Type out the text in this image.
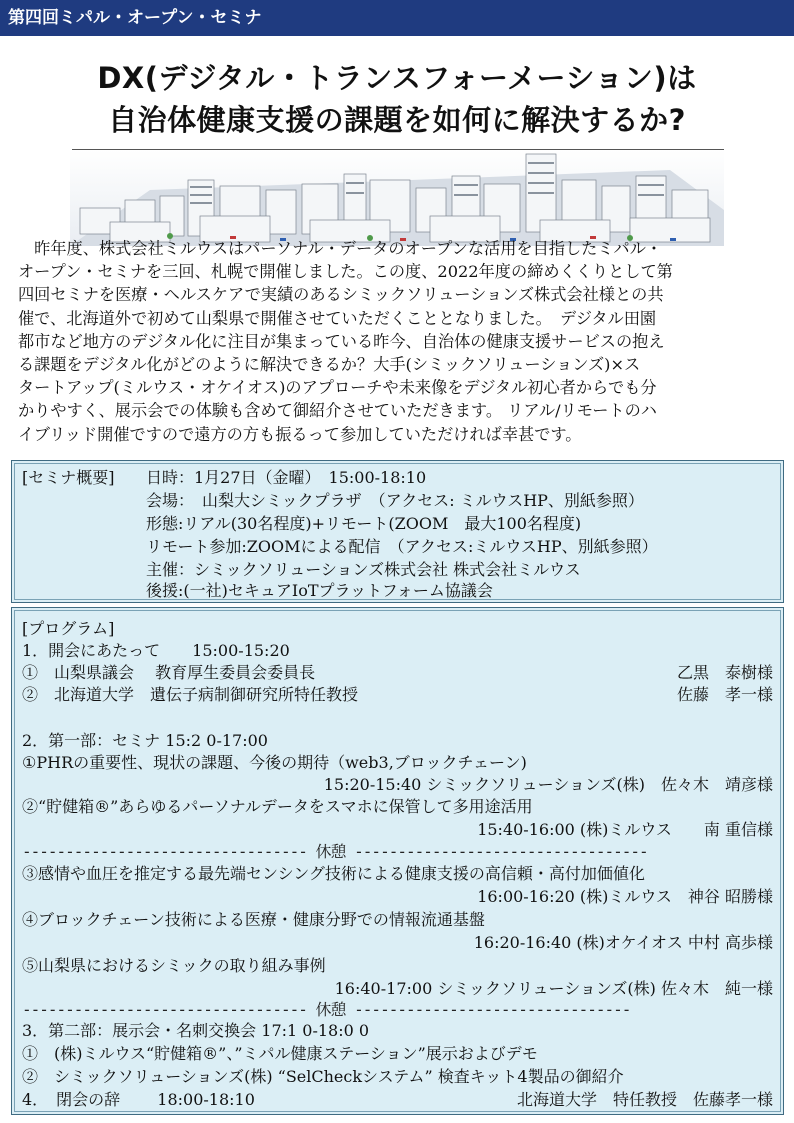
第四回ミパル・オープン・セミナ
DX(デジタル・トランスフォーメーション)は
自治体健康支援の課題を如何に解決するか?
　昨年度、株式会社ミルウスはパーソナル・データのオープンな活用を目指したミパル・
オープン・セミナを三回、札幌で開催しました。この度、2022年度の締めくくりとして第
四回セミナを医療・ヘルスケアで実績のあるシミックソリューションズ株式会社様との共
催で、北海道外で初めて山梨県で開催させていただくこととなりました。　デジタル田園
都市など地方のデジタル化に注目が集まっている昨今、自治体の健康支援サービスの抱え
る課題をデジタル化がどのように解決できるか？大手(シミックソリューションズ)×ス
タートアップ(ミルウス・オケイオス)のアプローチや未来像をデジタル初心者からでも分
かりやすく、展示会での体験も含めて御紹介させていただきます。 リアル/リモートのハ
イブリッド開催ですので遠方の方も振るって参加していただければ幸甚です。
[セミナ概要] 日時：1月27日（金曜）　15:00-18:10
会場：　山梨大シミックプラザ　（アクセス: ミルウスHP、別紙参照）
形態:リアル(30名程度)+リモート(ZOOM　最大100名程度)
リモート参加:ZOOMによる配信　（アクセス:ミルウスHP、別紙参照）
主催：シミックソリューションズ株式会社 株式会社ミルウス
後援:(一社)セキュアIoTプラットフォーム協議会
[プログラム]
1．開会にあたって　　15:00-15:20
①　山梨県議会　 教育厚生委員会委員長	乙黒　泰樹様
②　北海道大学　遺伝子病制御研究所特任教授	佐藤　孝一様
2．第一部：セミナ 15:2 0-17:00
①PHRの重要性、現状の課題、今後の期待（web3,ブロックチェーン)
15:20-15:40 シミックソリューションズ(株)　佐々木　靖彦様
②“貯健箱®”あらゆるパーソナルデータをスマホに保管して多用途活用
15:40-16:00 (株)ミルウス　　南 重信様
--------------------------------- 休憩 ----------------------------------
③感情や血圧を推定する最先端センシング技術による健康支援の高信頼・高付加価値化
16:00-16:20 (株)ミルウス　神谷 昭勝様
④ブロックチェーン技術による医療・健康分野での情報流通基盤
16:20-16:40 (株)オケイオス 中村 高歩様
⑤山梨県におけるシミックの取り組み事例
16:40-17:00 シミックソリューションズ(株) 佐々木　純一様
--------------------------------- 休憩 --------------------------------
3．第二部：展示会・名刺交換会 17:1 0-18:0 0
①　(株)ミルウス“貯健箱®”、”ミパル健康ステーション”展示およびデモ
②　シミックソリューションズ(株) “SelCheckシステム” 検査キット4製品の御紹介
4．　閉会の辞　　 18:00-18:10	北海道大学　特任教授　佐藤孝一様
